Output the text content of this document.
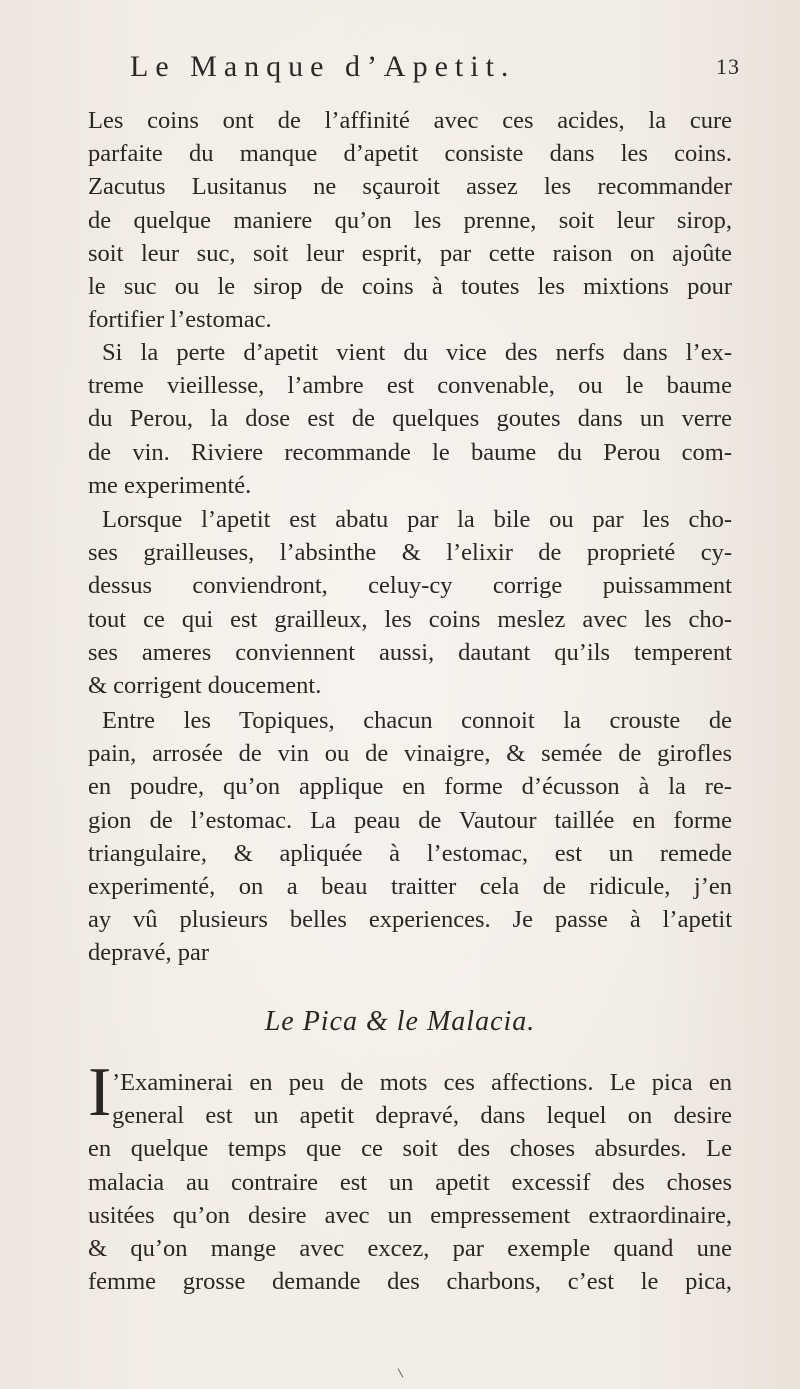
Le Manque d’Apetit.	13
Les coins ont de l’affinité avec ces acides, la cure
parfaite du manque d’apetit consiste dans les coins.
Zacutus Lusitanus ne sçauroit assez les recommander
de quelque maniere qu’on les prenne, soit leur sirop,
soit leur suc, soit leur esprit, par cette raison on ajoûte
le suc ou le sirop de coins à toutes les mixtions pour
fortifier l’estomac.
Si la perte d’apetit vient du vice des nerfs dans l’ex-
treme vieillesse, l’ambre est convenable, ou le baume
du Perou, la dose est de quelques goutes dans un verre
de vin. Riviere recommande le baume du Perou com-
me experimenté.
Lorsque l’apetit est abatu par la bile ou par les cho-
ses grailleuses, l’absinthe & l’elixir de proprieté cy-
dessus conviendront, celuy-cy corrige puissamment
tout ce qui est grailleux, les coins meslez avec les cho-
ses ameres conviennent aussi, dautant qu’ils temperent
& corrigent doucement.
Entre les Topiques, chacun connoit la crouste de
pain, arrosée de vin ou de vinaigre, & semée de girofles
en poudre, qu’on applique en forme d’écusson à la re-
gion de l’estomac. La peau de Vautour taillée en forme
triangulaire, & apliquée à l’estomac, est un remede
experimenté, on a beau traitter cela de ridicule, j’en
ay vû plusieurs belles experiences. Je passe à l’apetit
depravé, par
Le Pica & le Malacia.
I ’Examinerai en peu de mots ces affections. Le pica en
general est un apetit depravé, dans lequel on desire
en quelque temps que ce soit des choses absurdes. Le
malacia au contraire est un apetit excessif des choses
usitées qu’on desire avec un empressement extraordinaire,
& qu’on mange avec excez, par exemple quand une
femme grosse demande des charbons, c’est le pica,
